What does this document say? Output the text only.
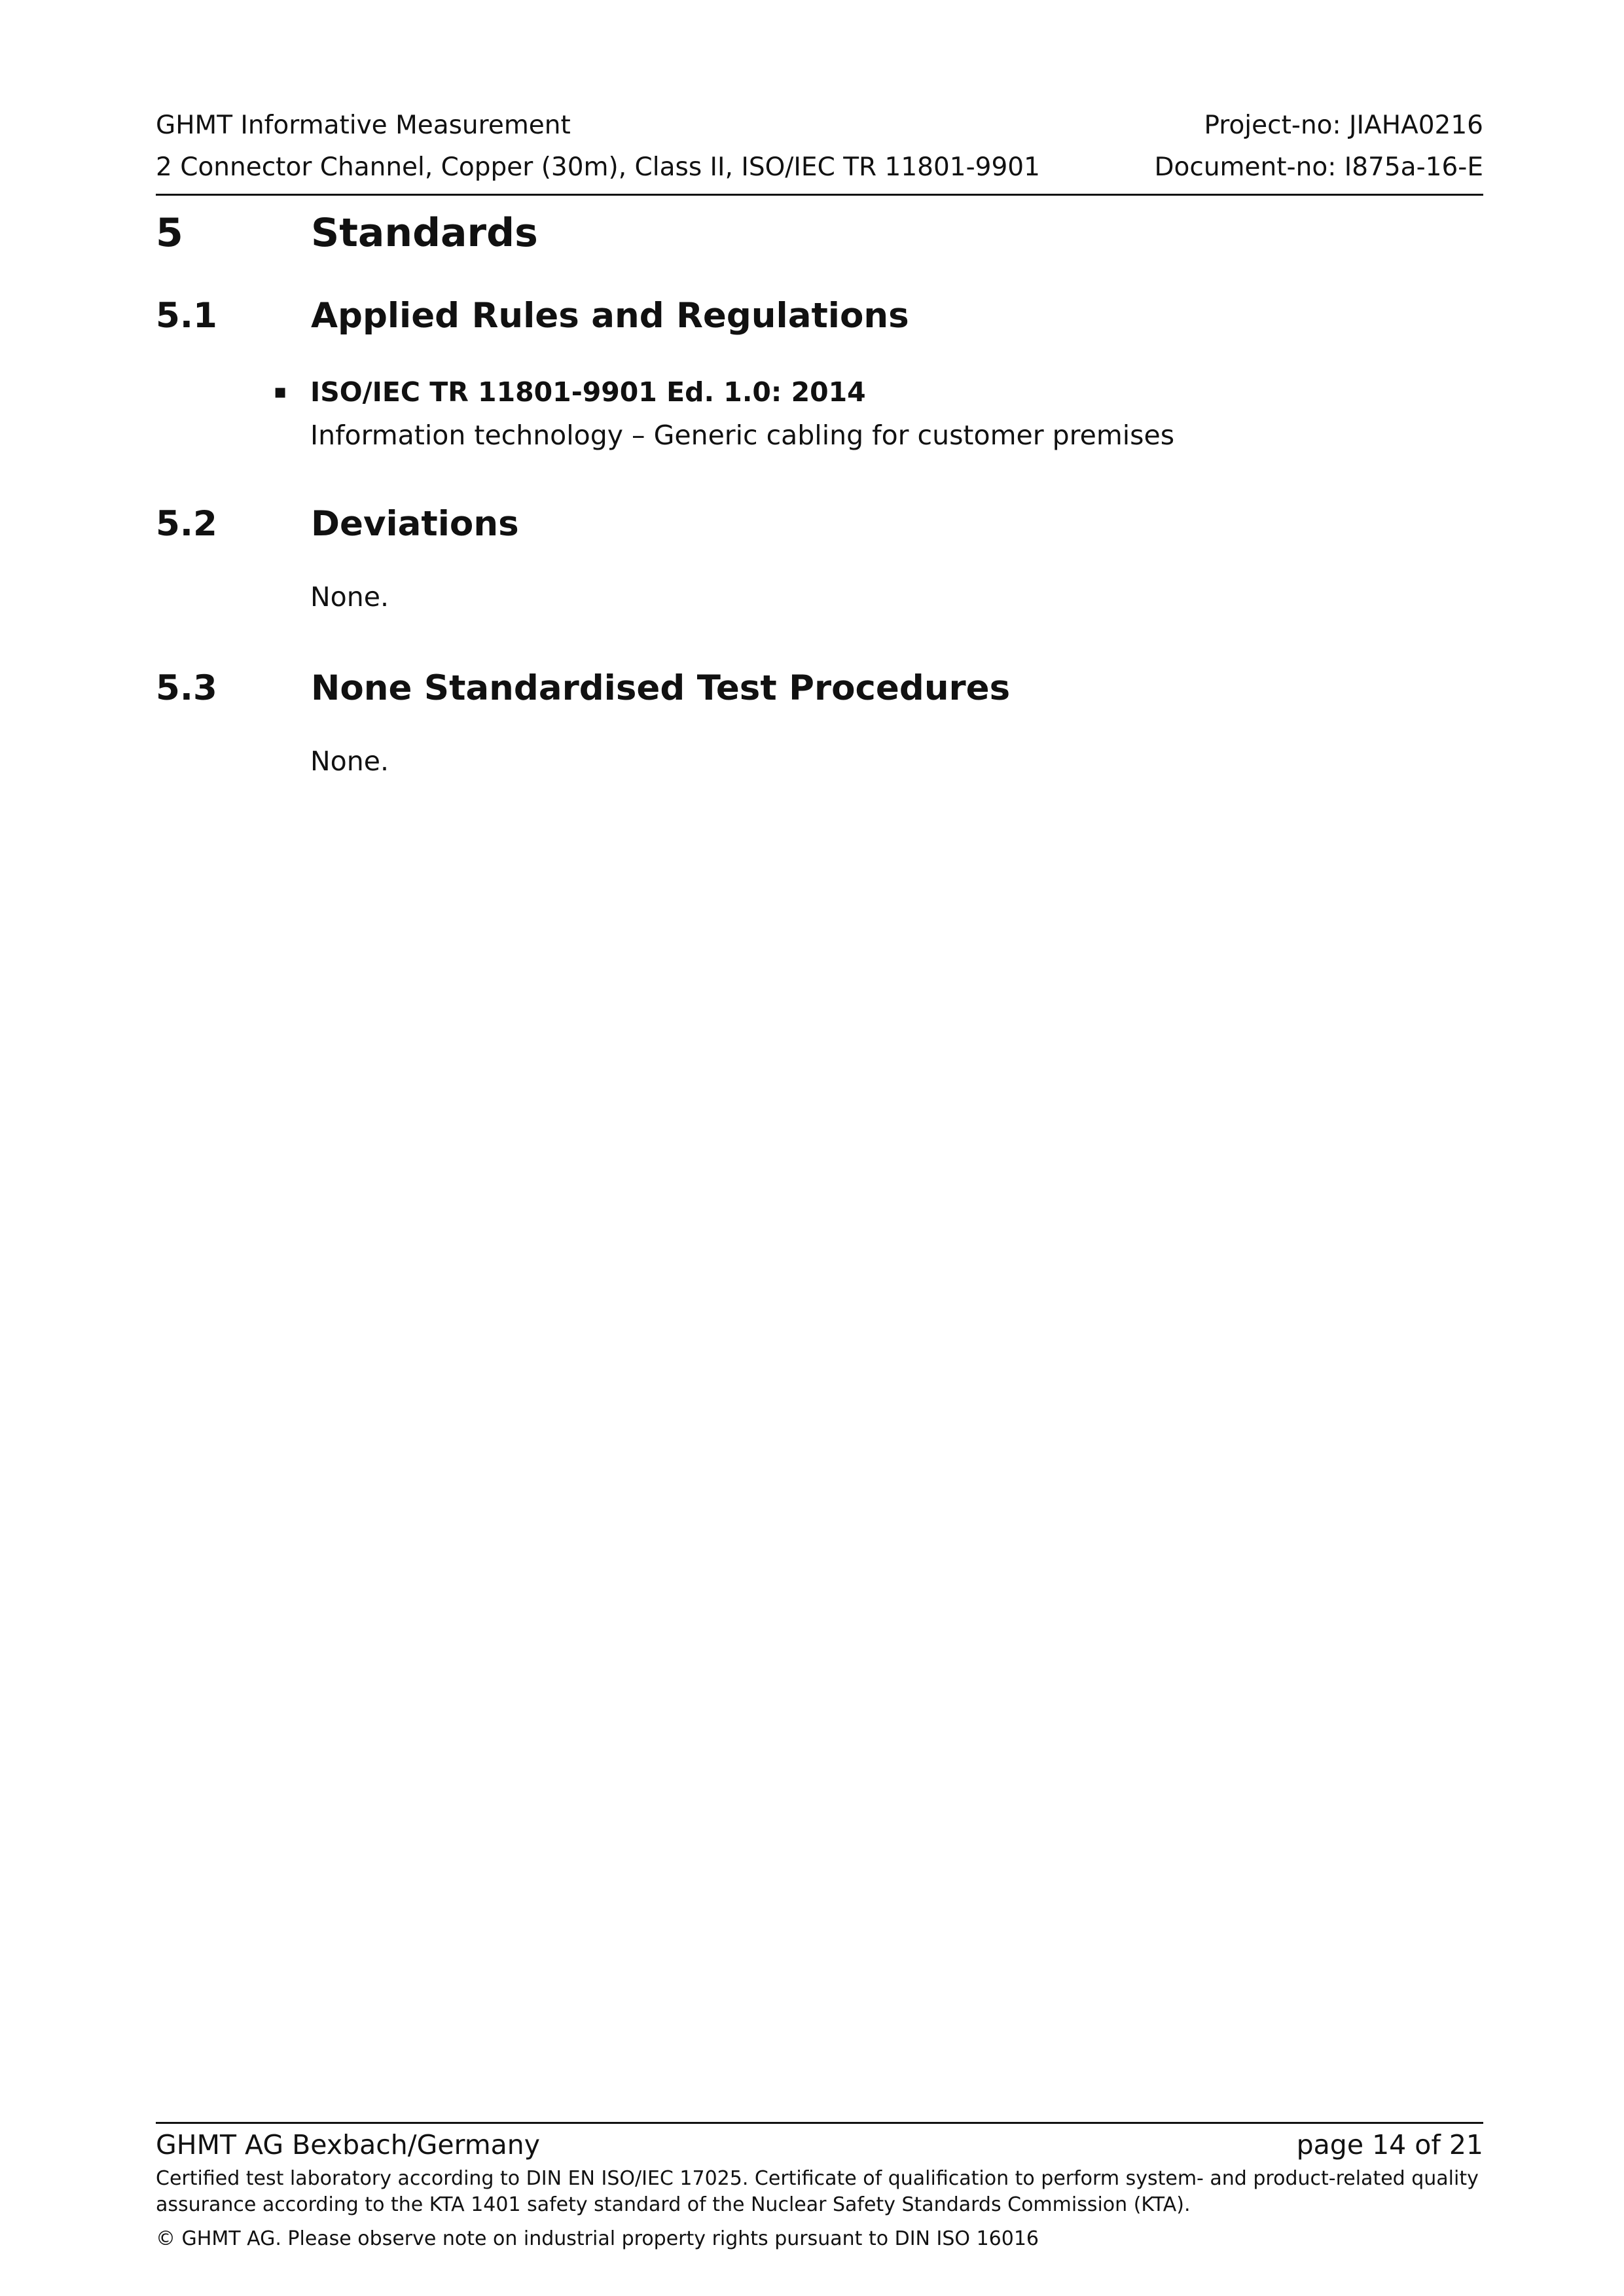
GHMT Informative Measurement	Project-no: JIAHA0216
2 Connector Channel, Copper (30m), Class II, ISO/IEC TR 11801-9901	Document-no: I875a-16-E
5	Standards
5.1	Applied Rules and Regulations
▪ ISO/IEC TR 11801-9901 Ed. 1.0: 2014
Information technology – Generic cabling for customer premises
5.2	Deviations
None.
5.3	None Standardised Test Procedures
None.
GHMT AG Bexbach/Germany	page 14 of 21
Certified test laboratory according to DIN EN ISO/IEC 17025. Certificate of qualification to perform system- and product-related quality assurance according to the KTA 1401 safety standard of the Nuclear Safety Standards Commission (KTA).
© GHMT AG. Please observe note on industrial property rights pursuant to DIN ISO 16016
